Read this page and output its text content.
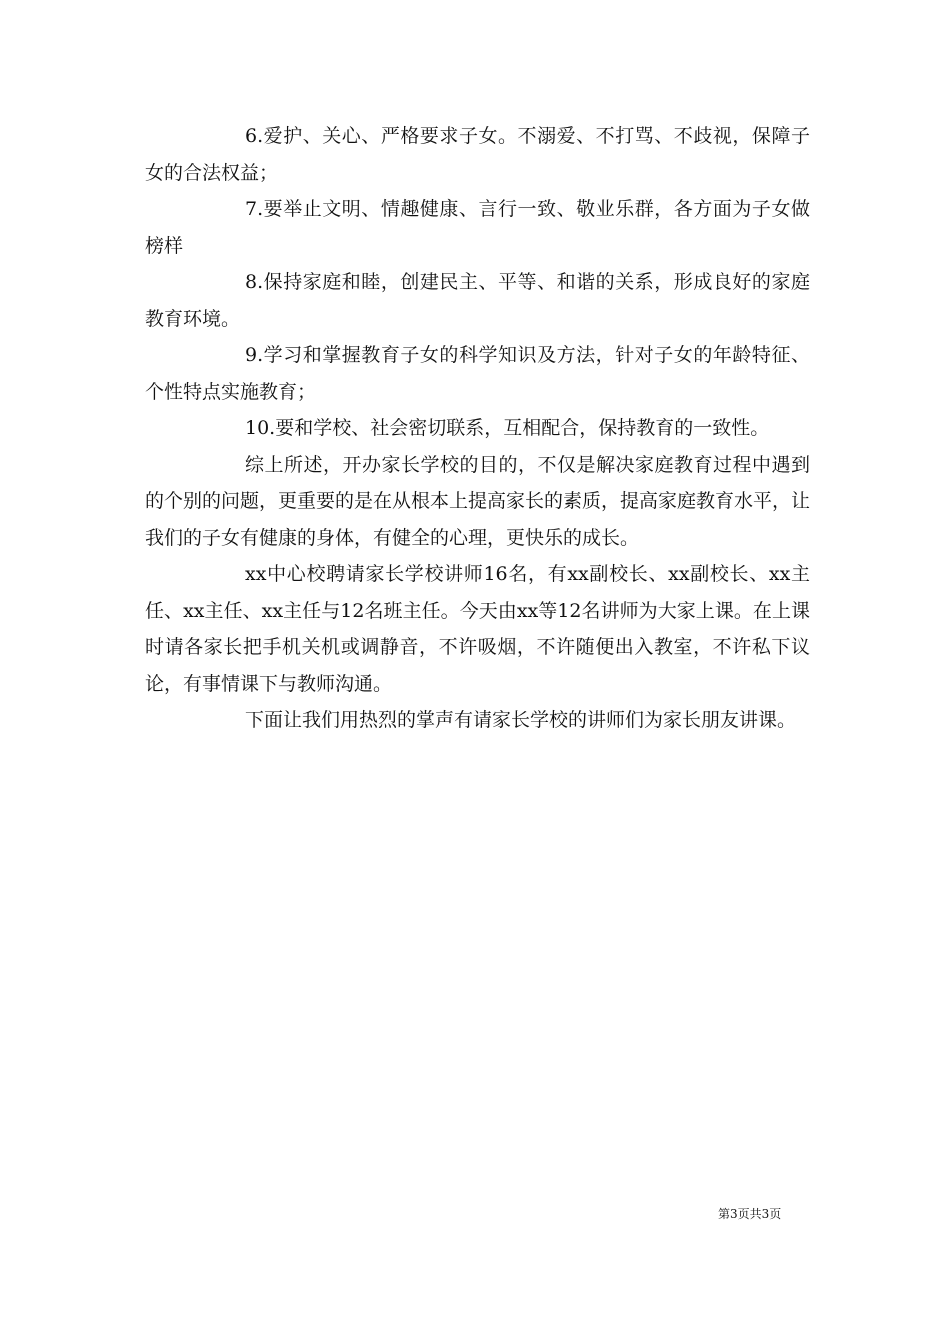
6.爱护、关心、严格要求子女。不溺爱、不打骂、不歧视，保障子女的合法权益；

7.要举止文明、情趣健康、言行一致、敬业乐群，各方面为子女做榜样

8.保持家庭和睦，创建民主、平等、和谐的关系，形成良好的家庭教育环境。

9.学习和掌握教育子女的科学知识及方法，针对子女的年龄特征、个性特点实施教育；

10.要和学校、社会密切联系，互相配合，保持教育的一致性。

综上所述，开办家长学校的目的，不仅是解决家庭教育过程中遇到的个别的问题，更重要的是在从根本上提高家长的素质，提高家庭教育水平，让我们的子女有健康的身体，有健全的心理，更快乐的成长。

xx中心校聘请家长学校讲师16名，有xx副校长、xx副校长、xx主任、xx主任、xx主任与12名班主任。今天由xx等12名讲师为大家上课。在上课时请各家长把手机关机或调静音，不许吸烟，不许随便出入教室，不许私下议论，有事情课下与教师沟通。

下面让我们用热烈的掌声有请家长学校的讲师们为家长朋友讲课。

第3页共3页
